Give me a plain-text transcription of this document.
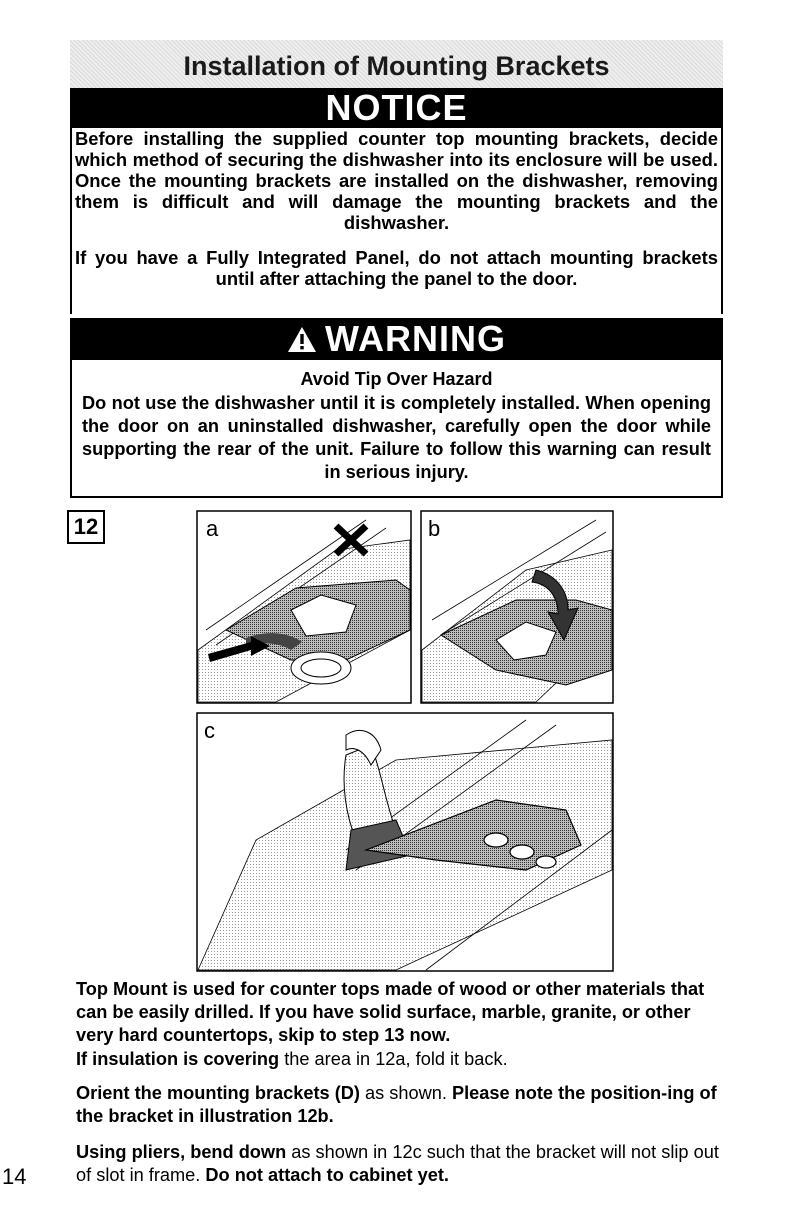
Installation of Mounting Brackets
NOTICE

Before installing the supplied counter top mounting brackets, decide which method of securing the dishwasher into its enclosure will be used. Once the mounting brackets are installed on the dishwasher, removing them is difficult and will damage the mounting brackets and the dishwasher.

If you have a Fully Integrated Panel, do not attach mounting brackets until after attaching the panel to the door.

WARNING
Avoid Tip Over Hazard

Do not use the dishwasher until it is completely installed. When opening the door on an uninstalled dishwasher, carefully open the door while supporting the rear of the unit. Failure to follow this warning can result in serious injury.

12	a	b
c

Top Mount is used for counter tops made of wood or other materials that can be easily drilled. If you have solid surface, marble, granite, or other very hard countertops, skip to step 13 now.

If insulation is covering the area in 12a, fold it back.

Orient the mounting brackets (D) as shown. Please note the position-ing of the bracket in illustration 12b.

Using pliers, bend down as shown in 12c such that the bracket will not slip out of slot in frame. Do not attach to cabinet yet.

14
